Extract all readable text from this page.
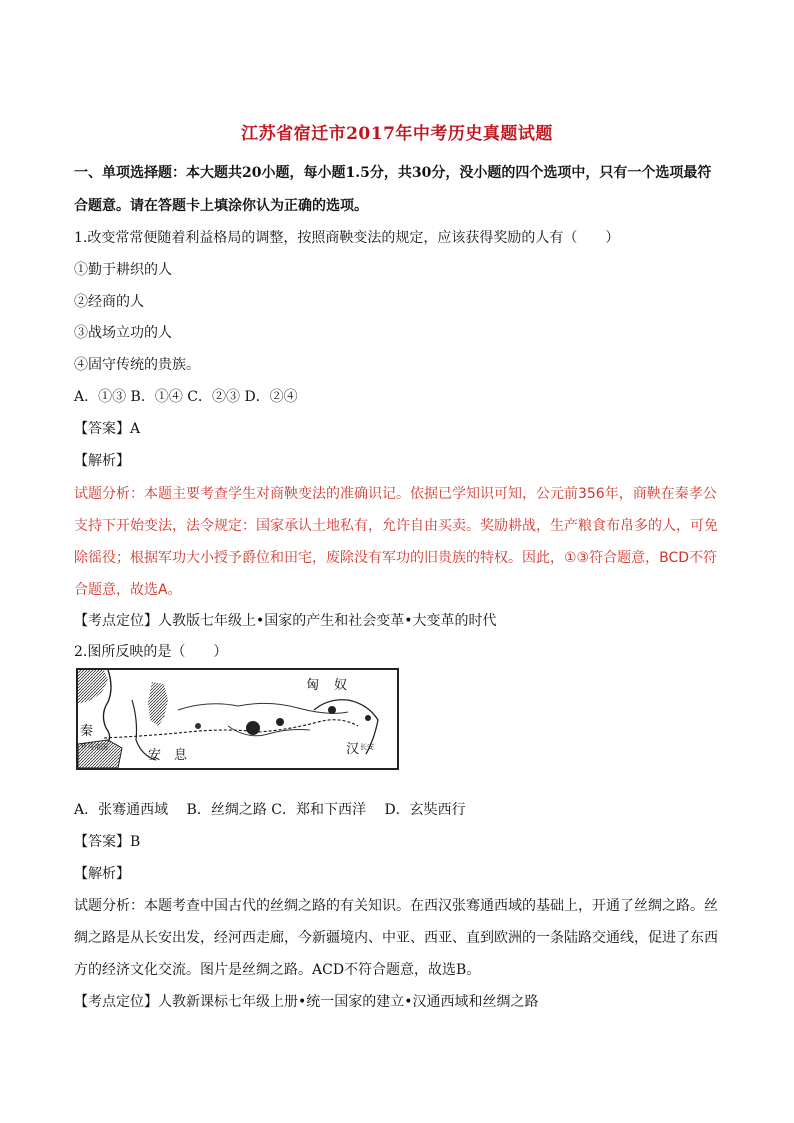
江苏省宿迁市2017年中考历史真题试题
一、单项选择题：本大题共20小题，每小题1.5分，共30分，没小题的四个选项中，只有一个选项最符
合题意。请在答题卡上填涂你认为正确的选项。
1.改变常常便随着利益格局的调整，按照商鞅变法的规定，应该获得奖励的人有（　　）
①勤于耕织的人
②经商的人
③战场立功的人
④固守传统的贵族。
A．①③ B．①④ C．②③ D．②④
【答案】A
【解析】
试题分析：本题主要考查学生对商鞅变法的准确识记。依据已学知识可知，公元前356年，商鞅在秦孝公
支持下开始变法，法令规定：国家承认土地私有，允许自由买卖。奖励耕战，生产粮食布帛多的人，可免
除徭役；根据军功大小授予爵位和田宅，废除没有军功的旧贵族的特权。因此，①③符合题意，BCD不符
合题意，故选A。
【考点定位】人教版七年级上•国家的产生和社会变革•大变革的时代
2.图所反映的是（　　）
匈 奴
秦
罗马帝国
安　息	汉 长安
A．张骞通西域　 B．丝绸之路 C．郑和下西洋　 D．玄奘西行
【答案】B
【解析】
试题分析：本题考查中国古代的丝绸之路的有关知识。在西汉张骞通西域的基础上，开通了丝绸之路。丝
绸之路是从长安出发，经河西走廊，今新疆境内、中亚、西亚、直到欧洲的一条陆路交通线，促进了东西
方的经济文化交流。图片是丝绸之路。ACD不符合题意，故选B。
【考点定位】人教新课标七年级上册•统一国家的建立•汉通西域和丝绸之路
